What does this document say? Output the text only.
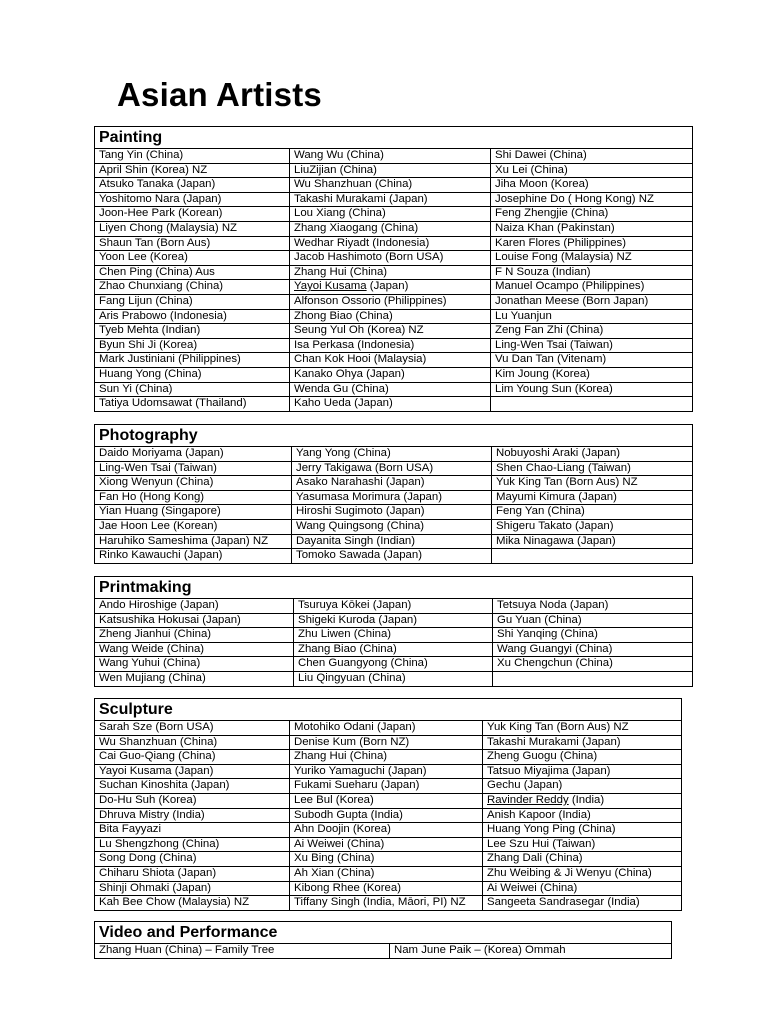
Asian Artists
Painting		
Tang Yin (China)	Wang Wu (China)	Shi Dawei (China)
April Shin (Korea) NZ	LiuZijian (China)	Xu Lei (China)
Atsuko Tanaka (Japan)	Wu Shanzhuan (China)	Jiha Moon (Korea)
Yoshitomo Nara (Japan)	Takashi Murakami (Japan)	Josephine Do ( Hong Kong) NZ
Joon-Hee Park (Korean)	Lou Xiang (China)	Feng Zhengjie (China)
Liyen Chong (Malaysia) NZ	Zhang Xiaogang (China)	Naiza Khan (Pakinstan)
Shaun Tan (Born Aus)	Wedhar Riyadt (Indonesia)	Karen Flores (Philippines)
Yoon Lee (Korea)	Jacob Hashimoto (Born USA)	Louise Fong (Malaysia) NZ
Chen Ping (China) Aus	Zhang Hui (China)	F N Souza (Indian)
Zhao Chunxiang (China)	Yayoi Kusama (Japan)	Manuel Ocampo (Philippines)
Fang Lijun (China)	Alfonson Ossorio (Philippines)	Jonathan Meese (Born Japan)
Aris Prabowo (Indonesia)	Zhong Biao (China)	Lu Yuanjun
Tyeb Mehta (Indian)	Seung Yul Oh (Korea) NZ	Zeng Fan Zhi (China)
Byun Shi Ji (Korea)	Isa Perkasa (Indonesia)	Ling-Wen Tsai (Taiwan)
Mark Justiniani (Philippines)	Chan Kok Hooi (Malaysia)	Vu Dan Tan (Vitenam)
Huang Yong (China)	Kanako Ohya (Japan)	Kim Joung (Korea)
Sun Yi (China)	Wenda Gu (China)	Lim Young Sun (Korea)
Tatiya Udomsawat (Thailand)	Kaho Ueda (Japan)	
Photography		
Daido Moriyama (Japan)	Yang Yong (China)	Nobuyoshi Araki (Japan)
Ling-Wen Tsai (Taiwan)	Jerry Takigawa (Born USA)	Shen Chao-Liang (Taiwan)
Xiong Wenyun (China)	Asako Narahashi (Japan)	Yuk King Tan (Born Aus) NZ
Fan Ho (Hong Kong)	Yasumasa Morimura (Japan)	Mayumi Kimura (Japan)
Yian Huang (Singapore)	Hiroshi Sugimoto (Japan)	Feng Yan (China)
Jae Hoon Lee (Korean)	Wang Quingsong (China)	Shigeru Takato (Japan)
Haruhiko Sameshima (Japan) NZ	Dayanita Singh (Indian)	Mika Ninagawa (Japan)
Rinko Kawauchi (Japan)	Tomoko Sawada (Japan)	
Printmaking		
Ando Hiroshige (Japan)	Tsuruya Kōkei (Japan)	Tetsuya Noda (Japan)
Katsushika Hokusai (Japan)	Shigeki Kuroda (Japan)	Gu Yuan (China)
Zheng Jianhui (China)	Zhu Liwen (China)	Shi Yanqing (China)
Wang Weide (China)	Zhang Biao (China)	Wang Guangyi (China)
Wang Yuhui (China)	Chen Guangyong (China)	Xu Chengchun (China)
Wen Mujiang (China)	Liu Qingyuan (China)	
Sculpture		
Sarah Sze (Born USA)	Motohiko Odani (Japan)	Yuk King Tan (Born Aus) NZ
Wu Shanzhuan (China)	Denise Kum (Born NZ)	Takashi Murakami (Japan)
Cai Guo-Qiang (China)	Zhang Hui (China)	Zheng Guogu (China)
Yayoi Kusama (Japan)	Yuriko Yamaguchi (Japan)	Tatsuo Miyajima (Japan)
Suchan Kinoshita (Japan)	Fukami Sueharu (Japan)	Gechu (Japan)
Do-Hu Suh (Korea)	Lee Bul (Korea)	Ravinder Reddy (India)
Dhruva Mistry (India)	Subodh Gupta (India)	Anish Kapoor (India)
Bita Fayyazi	Ahn Doojin (Korea)	Huang Yong Ping (China)
Lu Shengzhong (China)	Ai Weiwei (China)	Lee Szu Hui (Taiwan)
Song Dong (China)	Xu Bing (China)	Zhang Dali (China)
Chiharu Shiota (Japan)	Ah Xian (China)	Zhu Weibing & Ji Wenyu (China)
Shinji Ohmaki (Japan)	Kibong Rhee (Korea)	Ai Weiwei (China)
Kah Bee Chow (Malaysia) NZ	Tiffany Singh (India, Māori, PI) NZ	Sangeeta Sandrasegar (India)
Video and Performance
Zhang Huan (China) – Family Tree	Nam June Paik – (Korea) Ommah
